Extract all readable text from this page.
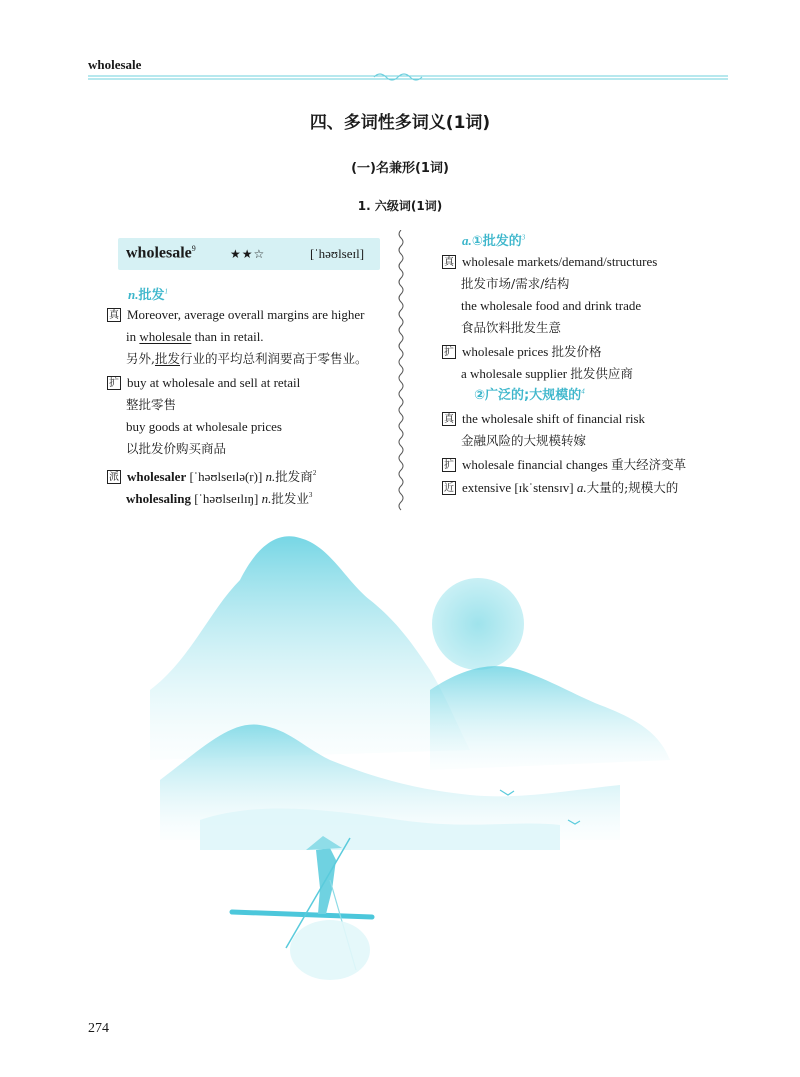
wholesale
四、多词性多词义(1词)
(一)名兼形(1词)
1. 六级词(1词)
wholesale$^9$	★★☆	[ˈhəʊlseɪl]
n.批发$^1$
真 Moreover, average overall margins are higher
in wholesale than in retail.
另外,批发行业的平均总利润要高于零售业。
扩 buy at wholesale and sell at retail
整批零售
buy goods at wholesale prices
以批发价购买商品
派 wholesaler [ˈhəʊlseɪlə(r)] n.批发商$^2$
wholesaling [ˈhəʊlseɪlɪŋ] n.批发业$^3$
a.①批发的$^3$
真 wholesale markets/demand/structures
批发市场/需求/结构
the wholesale food and drink trade
食品饮料批发生意
扩 wholesale prices 批发价格
a wholesale supplier 批发供应商
②广泛的;大规模的$^4$
真 the wholesale shift of financial risk
金融风险的大规模转嫁
扩 wholesale financial changes 重大经济变革
近 extensive [ɪkˈstensɪv] a.大量的;规模大的
274
